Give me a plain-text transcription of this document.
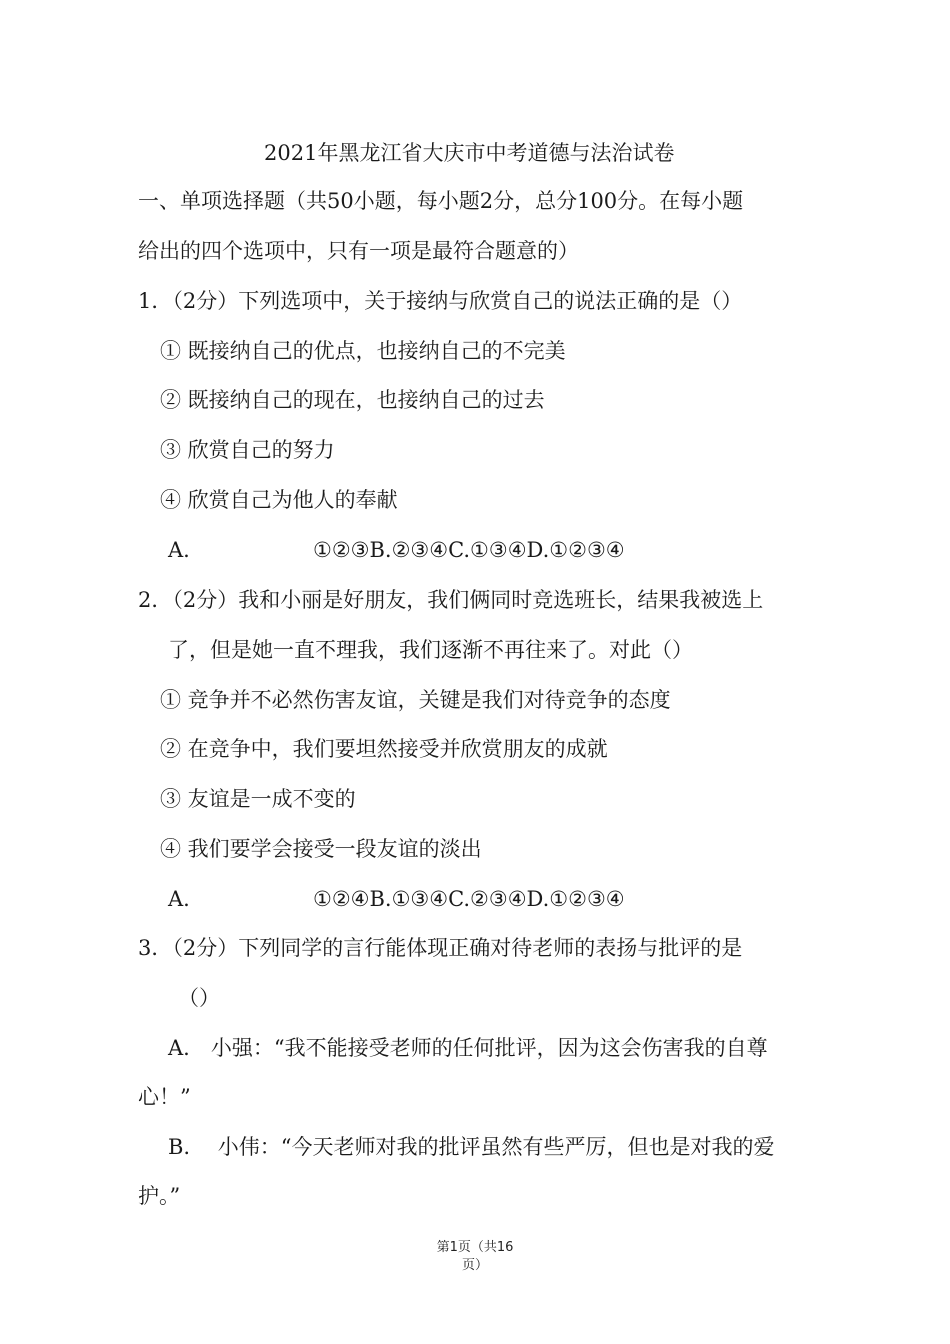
2021年黑龙江省大庆市中考道德与法治试卷
一、单项选择题（共50小题，每小题2分，总分100分。在每小题
给出的四个选项中，只有一项是最符合题意的）
1．（2分）下列选项中，关于接纳与欣赏自己的说法正确的是（）
① 既接纳自己的优点，也接纳自己的不完美
② 既接纳自己的现在，也接纳自己的过去
③ 欣赏自己的努力
④ 欣赏自己为他人的奉献
A.	①②③B.②③④C.①③④D.①②③④
2．（2分）我和小丽是好朋友，我们俩同时竞选班长，结果我被选上
了，但是她一直不理我，我们逐渐不再往来了。对此（）
① 竞争并不必然伤害友谊，关键是我们对待竞争的态度
② 在竞争中，我们要坦然接受并欣赏朋友的成就
③ 友谊是一成不变的
④ 我们要学会接受一段友谊的淡出
A.	①②④B.①③④C.②③④D.①②③④
3．（2分）下列同学的言行能体现正确对待老师的表扬与批评的是
（）
A.　小强：“我不能接受老师的任何批评，因为这会伤害我的自尊
心！”
B.　 小伟：“今天老师对我的批评虽然有些严厉，但也是对我的爱
护。”
第1页（共16
页）
